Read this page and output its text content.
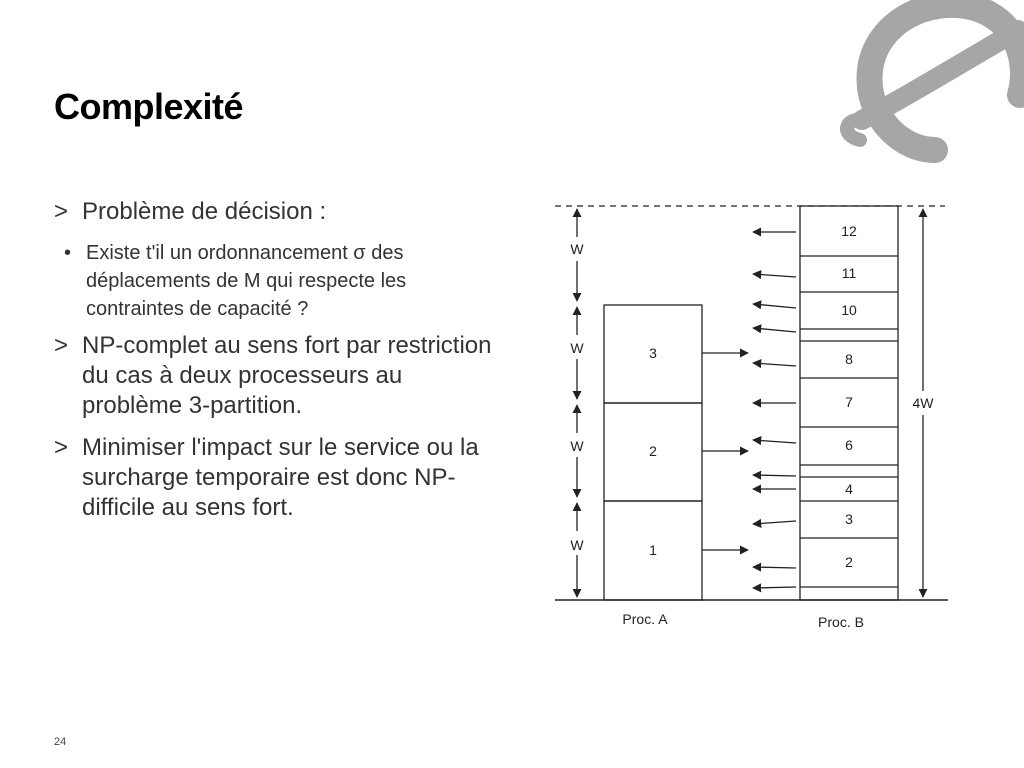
Complexité
> Problème de décision :
• Existe t'il un ordonnancement σ des déplacements de M qui respecte les contraintes de capacité ?
> NP-complet au sens fort par restriction du cas à deux processeurs au problème 3-partition.
> Minimiser l'impact sur le service ou la surcharge temporaire est donc NP-difficile au sens fort.
W
W
W
W
4W
3
2
1
12
11
10
8
7
6
4
3
2
Proc. A	Proc. B
24
